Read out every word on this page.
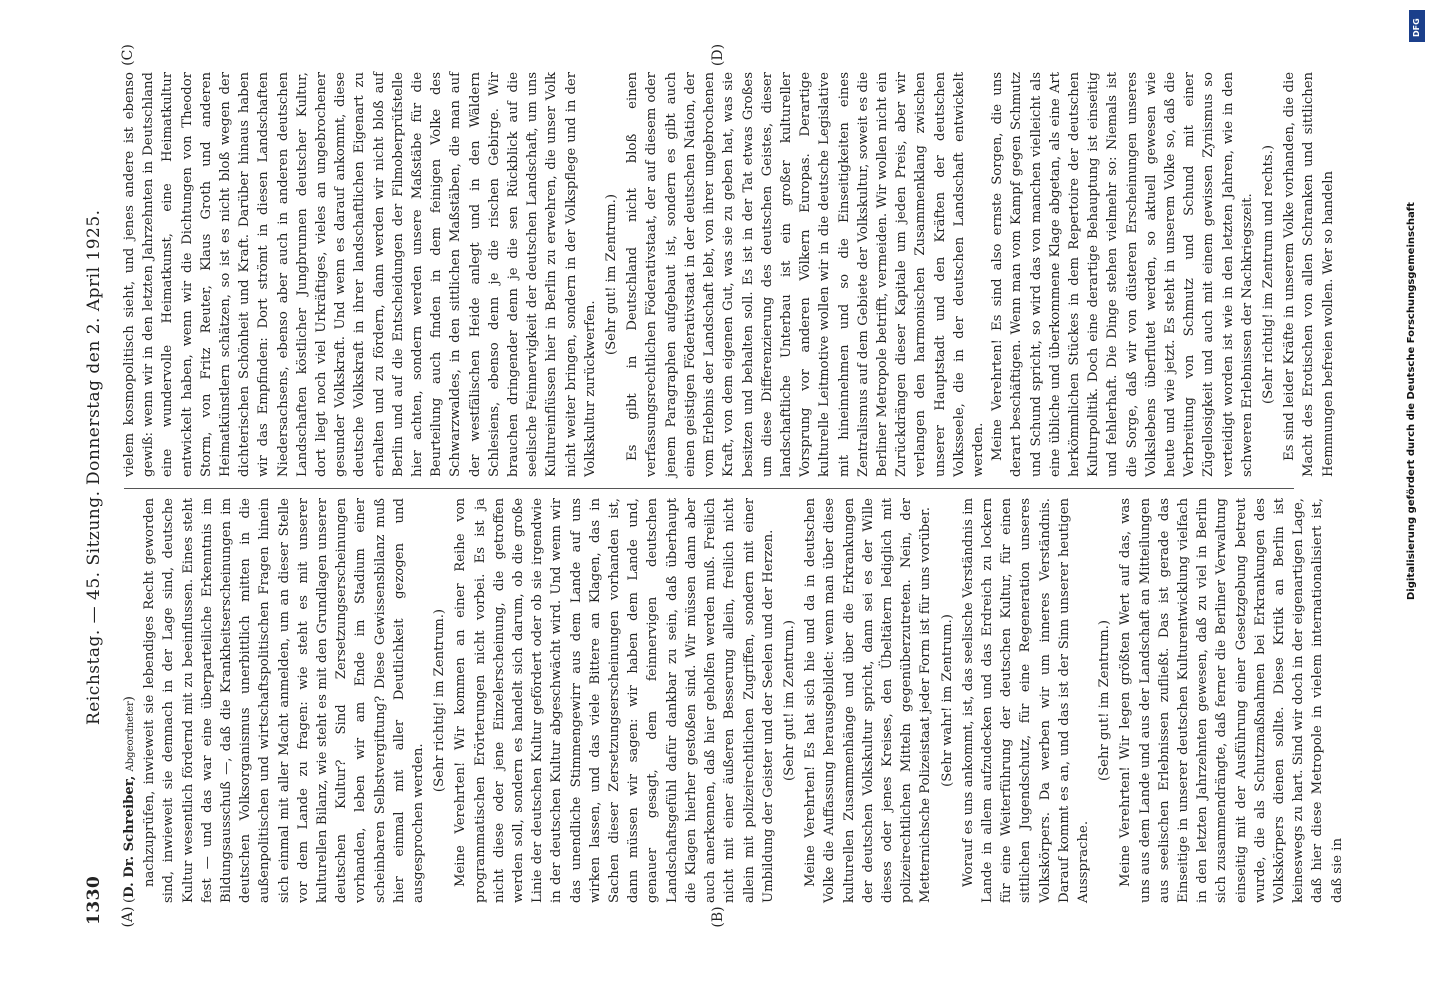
1330
Reichstag. — 45. Sitzung.
Donnerstag den 2. April 1925.
(A)	(B)
(C)	(D)

(D. Dr. Schreiber, Abgeordneter) nachzuprüfen, inwieweit sie lebendiges Recht geworden sind, inwieweit sie demnach in der Lage sind, deutsche Kultur wesentlich fördernd mit zu beeinflussen. Eines steht fest — und das war eine überparteiliche Erkenntnis im Bildungsausschuß —, daß die Krankheitserscheinungen im deutschen Volksorganismus unerbittlich mitten in die außenpolitischen und wirtschaftspolitischen Fragen hinein sich einmal mit aller Macht anmelden, um an dieser Stelle vor dem Lande zu fragen: wie steht es mit unserer kulturellen Bilanz, wie steht es mit den Grundlagen unserer deutschen Kultur? Sind Zersetzungserscheinungen vorhanden, leben wir am Ende im Stadium einer scheinbaren Selbstvergiftung? Diese Gewissensbilanz muß hier einmal mit aller Deutlichkeit gezogen und ausgesprochen werden.

(Sehr richtig! im Zentrum.) Meine Verehrten! Wir kommen an einer Reihe von programmatischen Erörterungen nicht vorbei. Es ist ja nicht diese oder jene Einzelerscheinung, die getroffen werden soll, sondern es handelt sich darum, ob die große Linie der deutschen Kultur gefördert oder ob sie irgendwie in der deutschen Kultur abgeschwächt wird. Und wenn wir das unendliche Stimmengewirr aus dem Lande auf uns wirken lassen, und das viele Bittere an Klagen, das in Sachen dieser Zersetzungserscheinungen vorhanden ist, dann müssen wir sagen: wir haben dem Lande und, genauer gesagt, dem feinnervigen deutschen Landschaftsgefühl dafür dankbar zu sein, daß überhaupt die Klagen hierher gestoßen sind. Wir müssen dann aber auch anerkennen, daß hier geholfen werden muß. Freilich nicht mit einer äußeren Besserung allein, freilich nicht allein mit polizeirechtlichen Zugriffen, sondern mit einer Umbildung der Geister und der Seelen und der Herzen. (Sehr gut! im Zentrum.) Meine Verehrten! Es hat sich hie und da in deutschen Volke die Auffassung herausgebildet: wenn man über diese kulturellen Zusammenhänge und über die Erkrankungen der deutschen Volkskultur spricht, dann sei es der Wille dieses oder jenes Kreises, den Übeltätern lediglich mit polizeirechtlichen Mitteln gegenüberzutreten. Nein, der Metternichsche Polizeistaat jeder Form ist für uns vorüber. (Sehr wahr! im Zentrum.) Worauf es uns ankommt, ist, das seelische Verständnis im Lande in allem aufzudecken und das Erdreich zu lockern für eine Weiterführung der deutschen Kultur, für einen sittlichen Jugendschutz, für eine Regeneration unseres Volkskörpers. Da werben wir um inneres Verständnis. Darauf kommt es an, und das ist der Sinn unserer heutigen Aussprache.

(Sehr gut! im Zentrum.) Meine Verehrten! Wir legen größten Wert auf das, was uns aus dem Lande und aus der Landschaft an Mitteilungen aus seelischen Erlebnissen zufließt. Das ist gerade das Einseitige in unserer deutschen Kulturentwicklung vielfach in den letzten Jahrzehnten gewesen, daß zu viel in Berlin sich zusammendrängte, daß ferner die Berliner Verwaltung einseitig mit der Ausführung einer Gesetzgebung betreut wurde, die als Schutzmaßnahmen bei Erkrankungen des Volkskörpers dienen sollte. Diese Kritik an Berlin ist keineswegs zu hart. Sind wir doch in der eigenartigen Lage, daß hier diese Metropole in vielem internationalisiert ist, daß sie in

vielem kosmopolitisch sieht, und jenes andere ist ebenso gewiß: wenn wir in den letzten Jahrzehnten in Deutschland eine wundervolle Heimatkunst, eine Heimatkultur entwickelt haben, wenn wir die Dichtungen von Theodor Storm, von Fritz Reuter, Klaus Groth und anderen Heimatkünstlern schätzen, so ist es nicht bloß wegen der dichterischen Schönheit und Kraft. Darüber hinaus haben wir das Empfinden: Dort strömt in diesen Landschaften Niedersachsens, ebenso aber auch in anderen deutschen Landschaften köstlicher Jungbrunnen deutscher Kultur, dort liegt noch viel Urkräftiges, vieles an ungebrochener gesunder Volkskraft. Und wenn es darauf ankommt, diese deutsche Volkskraft in ihrer landschaftlichen Eigenart zu erhalten und zu fördern, dann werden wir nicht bloß auf Berlin und auf die Entscheidungen der Filmoberprüfstelle hier achten, sondern werden unsere Maßstäbe für die Beurteilung auch finden in dem feinigen Volke des Schwarzwaldes, in den sittlichen Maßstäben, die man auf der westfälischen Heide anlegt und in den Wäldern Schlesiens, ebenso denn je die rischen Gebirge. Wir brauchen dringender denn je die sen Rückblick auf die seelische Feinnervigkeit der deutschen Landschaft, um uns Kultureinflüssen hier in Berlin zu erwehren, die unser Volk nicht weiter bringen, sondern in der Volkspflege und in der Volkskultur zurückwerfen.

(Sehr gut! im Zentrum.) Es gibt in Deutschland nicht bloß einen verfassungsrechtlichen Föderativstaat, der auf diesem oder jenem Paragraphen aufgebaut ist, sondern es gibt auch einen geistigen Föderativstaat in der deutschen Nation, der vom Erlebnis der Landschaft lebt, von ihrer ungebrochenen Kraft, von dem eigenen Gut, was sie zu geben hat, was sie besitzen und behalten soll. Es ist in der Tat etwas Großes um diese Differenzierung des deutschen Geistes, dieser landschaftliche Unterbau ist ein großer kultureller Vorsprung vor anderen Völkern Europas. Derartige kulturelle Leitmotive wollen wir in die deutsche Legislative mit hineinnehmen und so die Einseitigkeiten eines Zentralismus auf dem Gebiete der Volkskultur, soweit es die Berliner Metropole betrifft, vermeiden. Wir wollen nicht ein Zurückdrängen dieser Kapitale um jeden Preis, aber wir verlangen den harmonischen Zusammenklang zwischen unserer Hauptstadt und den Kräften der deutschen Volksseele, die in der deutschen Landschaft entwickelt werden. Meine Verehrten! Es sind also ernste Sorgen, die uns derart beschäftigen. Wenn man vom Kampf gegen Schmutz und Schund spricht, so wird das von manchen vielleicht als eine übliche und überkommene Klage abgetan, als eine Art herkömmlichen Stückes in dem Repertoire der deutschen Kulturpolitik. Doch eine derartige Behauptung ist einseitig und fehlerhaft. Die Dinge stehen vielmehr so: Niemals ist die Sorge, daß wir von düsteren Erscheinungen unseres Volkslebens überflutet werden, so aktuell gewesen wie heute und wie jetzt. Es steht in unserem Volke so, daß die Verbreitung von Schmutz und Schund mit einer Zügellosigkeit und auch mit einem gewissen Zynismus so verteidigt worden ist wie in den letzten Jahren, wie in den schweren Erlebnissen der Nachkriegszeit. (Sehr richtig! im Zentrum und rechts.) Es sind leider Kräfte in unserem Volke vorhanden, die die Macht des Erotischen von allen Schranken und sittlichen Hemmungen befreien wollen. Wer so handeln

DFG
Digitalisierung gefördert durch die Deutsche Forschungsgemeinschaft
